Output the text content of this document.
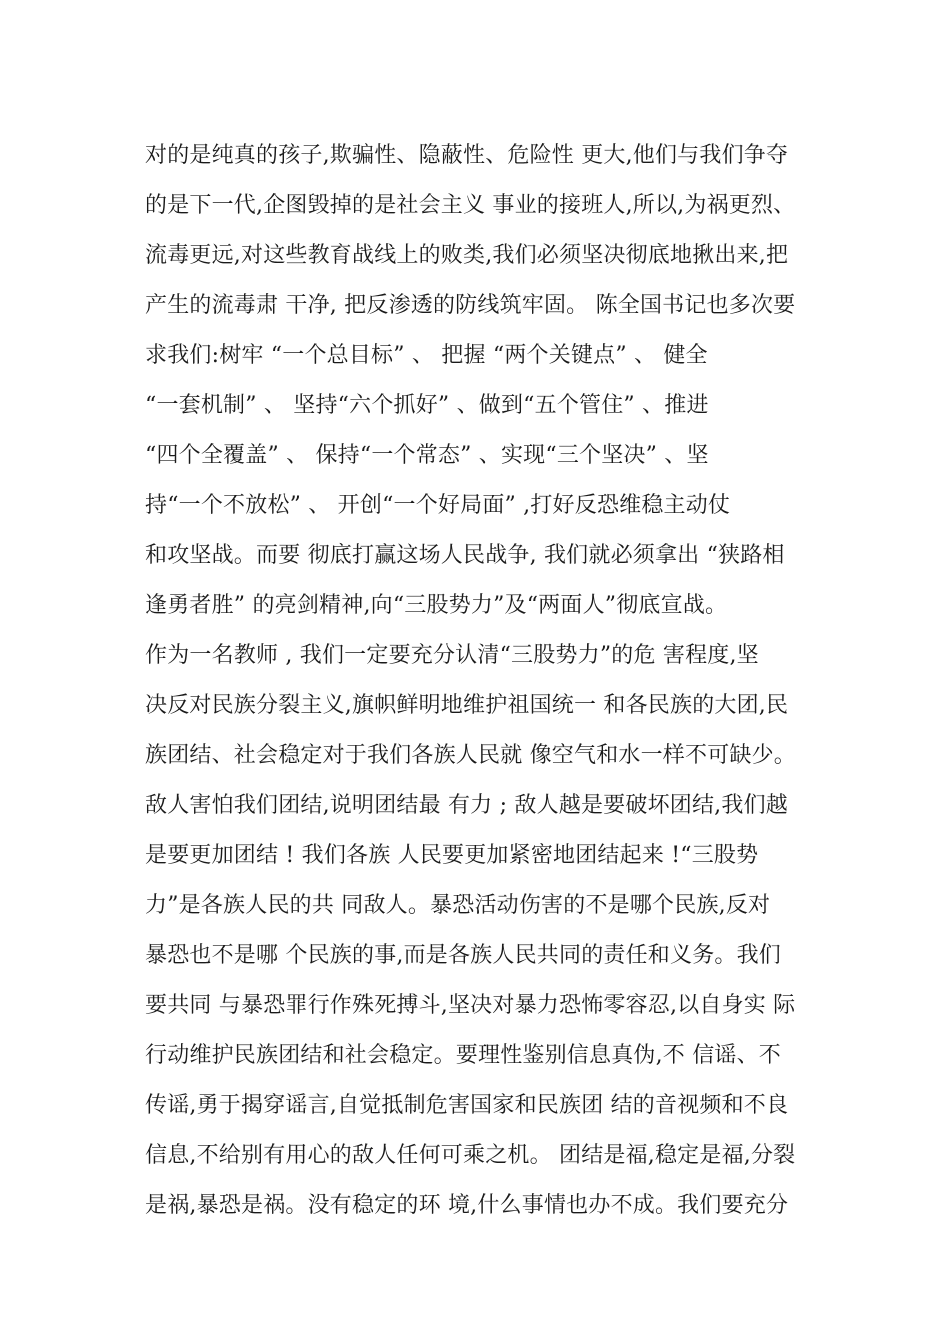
对的是纯真的孩子,欺骗性、隐蔽性、危险性 更大,他们与我们争夺
的是下一代,企图毁掉的是社会主义 事业的接班人,所以,为祸更烈、
流毒更远,对这些教育战线上的败类,我们必须坚决彻底地揪出来,把
产生的流毒肃 干净, 把反渗透的防线筑牢固。 陈全国书记也多次要
求我们:树牢 “一个总目标” 、 把握 “两个关键点” 、 健全
“一套机制” 、 坚持“六个抓好” 、做到“五个管住” 、推进
“四个全覆盖” 、 保持“一个常态” 、实现“三个坚决” 、坚
持“一个不放松” 、 开创“一个好局面” ,打好反恐维稳主动仗
和攻坚战。而要 彻底打赢这场人民战争, 我们就必须拿出 “狭路相
逢勇者胜” 的亮剑精神,向“三股势力”及“两面人”彻底宣战。
作为一名教师 , 我们一定要充分认清“三股势力”的危 害程度,坚
决反对民族分裂主义,旗帜鲜明地维护祖国统一 和各民族的大团,民
族团结、社会稳定对于我们各族人民就 像空气和水一样不可缺少。
敌人害怕我们团结,说明团结最 有力 ; 敌人越是要破坏团结,我们越
是要更加团结 ! 我们各族 人民要更加紧密地团结起来 !“三股势
力”是各族人民的共 同敌人。暴恐活动伤害的不是哪个民族,反对
暴恐也不是哪 个民族的事,而是各族人民共同的责任和义务。我们
要共同 与暴恐罪行作殊死搏斗,坚决对暴力恐怖零容忍,以自身实 际
行动维护民族团结和社会稳定。要理性鉴别信息真伪,不 信谣、不
传谣,勇于揭穿谣言,自觉抵制危害国家和民族团 结的音视频和不良
信息,不给别有用心的敌人任何可乘之机。 团结是福,稳定是福,分裂
是祸,暴恐是祸。没有稳定的环 境,什么事情也办不成。我们要充分
